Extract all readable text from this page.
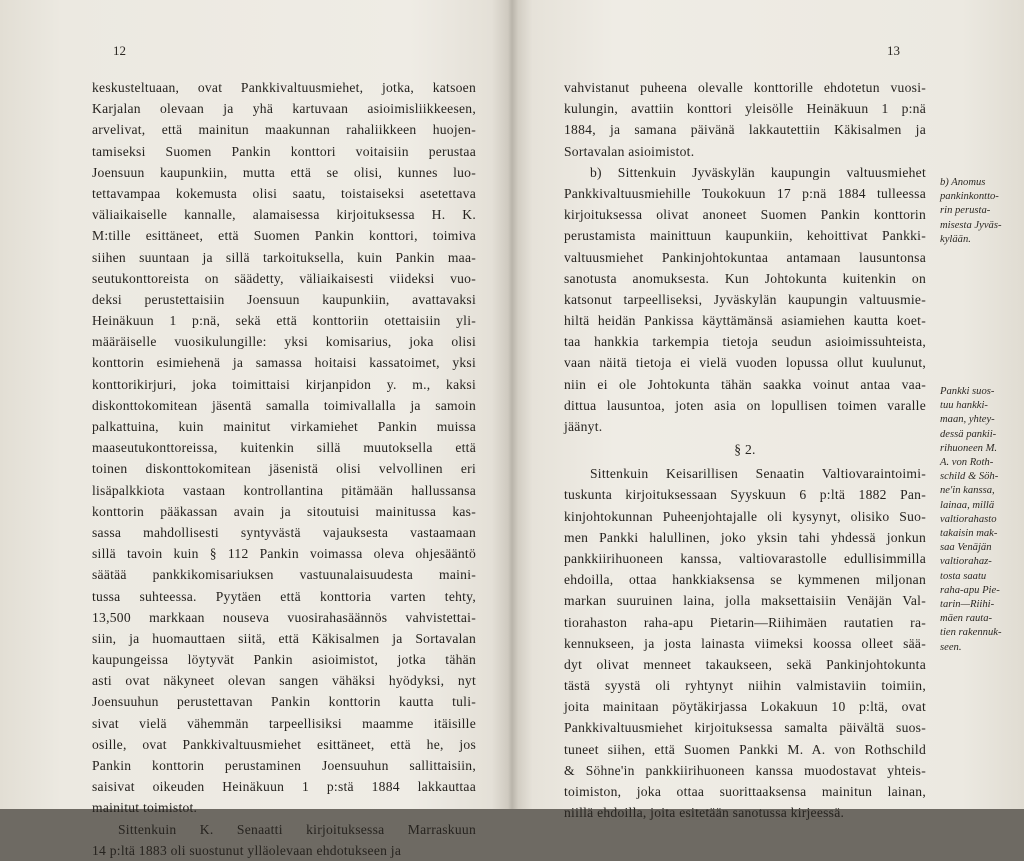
12
keskusteltuaan, ovat Pankkivaltuusmiehet, jotka, katsoen
Karjalan olevaan ja yhä kartuvaan asioimisliikkeesen,
arvelivat, että mainitun maakunnan rahaliikkeen huojen-
tamiseksi Suomen Pankin konttori voitaisiin perustaa
Joensuun kaupunkiin, mutta että se olisi, kunnes luo-
tettavampaa kokemusta olisi saatu, toistaiseksi asetettava
väliaikaiselle kannalle, alamaisessa kirjoituksessa H. K.
M:tille esittäneet, että Suomen Pankin konttori, toimiva
siihen suuntaan ja sillä tarkoituksella, kuin Pankin maa-
seutukonttoreista on säädetty, väliaikaisesti viideksi vuo-
deksi perustettaisiin Joensuun kaupunkiin, avattavaksi
Heinäkuun 1 p:nä, sekä että konttoriin otettaisiin yli-
määräiselle vuosikulungille: yksi komisarius, joka olisi
konttorin esimiehenä ja samassa hoitaisi kassatoimet, yksi
konttorikirjuri, joka toimittaisi kirjanpidon y. m., kaksi
diskonttokomitean jäsentä samalla toimivallalla ja samoin
palkattuina, kuin mainitut virkamiehet Pankin muissa
maaseutukonttoreissa, kuitenkin sillä muutoksella että
toinen diskonttokomitean jäsenistä olisi velvollinen eri
lisäpalkkiota vastaan kontrollantina pitämään hallussansa
konttorin pääkassan avain ja sitoutuisi mainitussa kas-
sassa mahdollisesti syntyvästä vajauksesta vastaamaan
sillä tavoin kuin § 112 Pankin voimassa oleva ohjesääntö
säätää pankkikomisariuksen vastuunalaisuudesta maini-
tussa suhteessa. Pyytäen että konttoria varten tehty,
13,500 markkaan nouseva vuosirahasäännös vahvistettai-
siin, ja huomauttaen siitä, että Käkisalmen ja Sortavalan
kaupungeissa löytyvät Pankin asioimistot, jotka tähän
asti ovat näkyneet olevan sangen vähäksi hyödyksi, nyt
Joensuuhun perustettavan Pankin konttorin kautta tuli-
sivat vielä vähemmän tarpeellisiksi maamme itäisille
osille, ovat Pankkivaltuusmiehet esittäneet, että he, jos
Pankin konttorin perustaminen Joensuuhun sallittaisiin,
saisivat oikeuden Heinäkuun 1 p:stä 1884 lakkauttaa
mainitut toimistot.
Sittenkuin K. Senaatti kirjoituksessa Marraskuun
14 p:ltä 1883 oli suostunut ylläolevaan ehdotukseen ja
13
vahvistanut puheena olevalle konttorille ehdotetun vuosi-
kulungin, avattiin konttori yleisölle Heinäkuun 1 p:nä
1884, ja samana päivänä lakkautettiin Käkisalmen ja
Sortavalan asioimistot.
b) Sittenkuin Jyväskylän kaupungin valtuusmiehet
Pankkivaltuusmiehille Toukokuun 17 p:nä 1884 tulleessa
kirjoituksessa olivat anoneet Suomen Pankin konttorin
perustamista mainittuun kaupunkiin, kehoittivat Pankki-
valtuusmiehet Pankinjohtokuntaa antamaan lausuntonsa
sanotusta anomuksesta. Kun Johtokunta kuitenkin on
katsonut tarpeelliseksi, Jyväskylän kaupungin valtuusmie-
hiltä heidän Pankissa käyttämänsä asiamiehen kautta koet-
taa hankkia tarkempia tietoja seudun asioimissuhteista,
vaan näitä tietoja ei vielä vuoden lopussa ollut kuulunut,
niin ei ole Johtokunta tähän saakka voinut antaa vaa-
dittua lausuntoa, joten asia on lopullisen toimen varalle
jäänyt.
§ 2.
Sittenkuin Keisarillisen Senaatin Valtiovaraintoimi-
tuskunta kirjoituksessaan Syyskuun 6 p:ltä 1882 Pan-
kinjohtokunnan Puheenjohtajalle oli kysynyt, olisiko Suo-
men Pankki halullinen, joko yksin tahi yhdessä jonkun
pankkiirihuoneen kanssa, valtiovarastolle edullisimmilla
ehdoilla, ottaa hankkiaksensa se kymmenen miljonan
markan suuruinen laina, jolla maksettaisiin Venäjän Val-
tiorahaston raha-apu Pietarin—Riihimäen rautatien ra-
kennukseen, ja josta lainasta viimeksi koossa olleet sää-
dyt olivat menneet takaukseen, sekä Pankinjohtokunta
tästä syystä oli ryhtynyt niihin valmistaviin toimiin,
joita mainitaan pöytäkirjassa Lokakuun 10 p:ltä, ovat
Pankkivaltuusmiehet kirjoituksessa samalta päivältä suos-
tuneet siihen, että Suomen Pankki M. A. von Rothschild
& Söhne'in pankkiirihuoneen kanssa muodostavat yhteis-
toimiston, joka ottaa suorittaaksensa mainitun lainan,
niillä ehdoilla, joita esitetään sanotussa kirjeessä.
b) Anomus
pankinkontto-
rin perusta-
misesta Jyväs-
kylään.
Pankki suos-
tuu hankki-
maan, yhtey-
dessä pankii-
rihuoneen M.
A. von Roth-
schild & Söh-
ne'in kanssa,
lainaa, millä
valtiorahasto
takaisin mak-
saa Venäjän
valtiorahaz-
tosta saatu
raha-apu Pie-
tarin—Riihi-
mäen rauta-
tien rakennuk-
seen.
